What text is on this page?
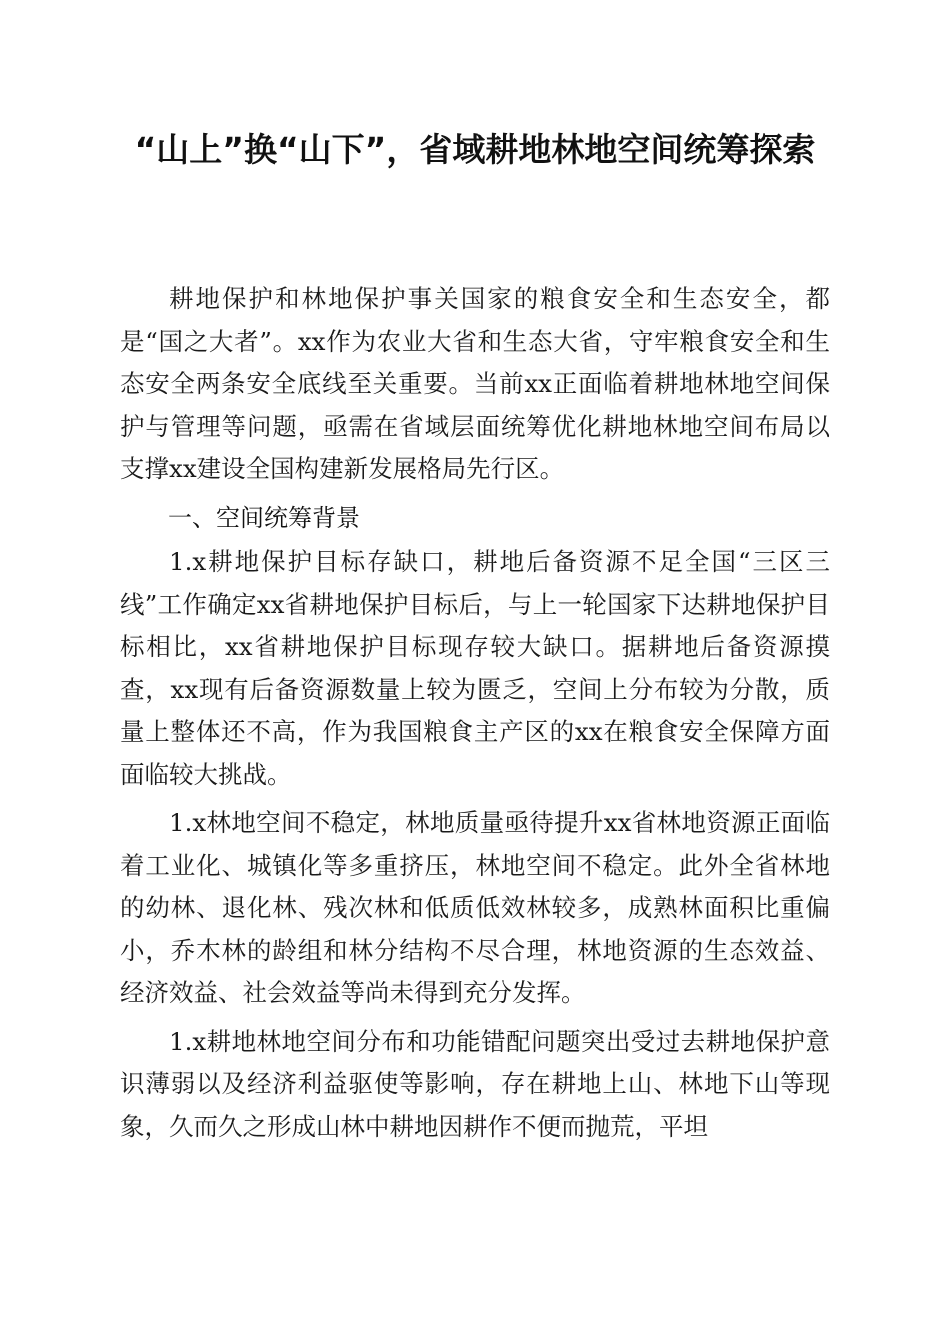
“山上”换“山下”，省域耕地林地空间统筹探索

耕地保护和林地保护事关国家的粮食安全和生态安全，都是“国之大者”。xx作为农业大省和生态大省，守牢粮食安全和生态安全两条安全底线至关重要。当前xx正面临着耕地林地空间保护与管理等问题，亟需在省域层面统筹优化耕地林地空间布局以支撑xx建设全国构建新发展格局先行区。

一、空间统筹背景

1.x耕地保护目标存缺口，耕地后备资源不足全国“三区三线”工作确定xx省耕地保护目标后，与上一轮国家下达耕地保护目标相比，xx省耕地保护目标现存较大缺口。据耕地后备资源摸查，xx现有后备资源数量上较为匮乏，空间上分布较为分散，质量上整体还不高，作为我国粮食主产区的xx在粮食安全保障方面面临较大挑战。

1.x林地空间不稳定，林地质量亟待提升xx省林地资源正面临着工业化、城镇化等多重挤压，林地空间不稳定。此外全省林地的幼林、退化林、残次林和低质低效林较多，成熟林面积比重偏小，乔木林的龄组和林分结构不尽合理，林地资源的生态效益、经济效益、社会效益等尚未得到充分发挥。

1.x耕地林地空间分布和功能错配问题突出受过去耕地保护意识薄弱以及经济利益驱使等影响，存在耕地上山、林地下山等现象，久而久之形成山林中耕地因耕作不便而抛荒，平坦
